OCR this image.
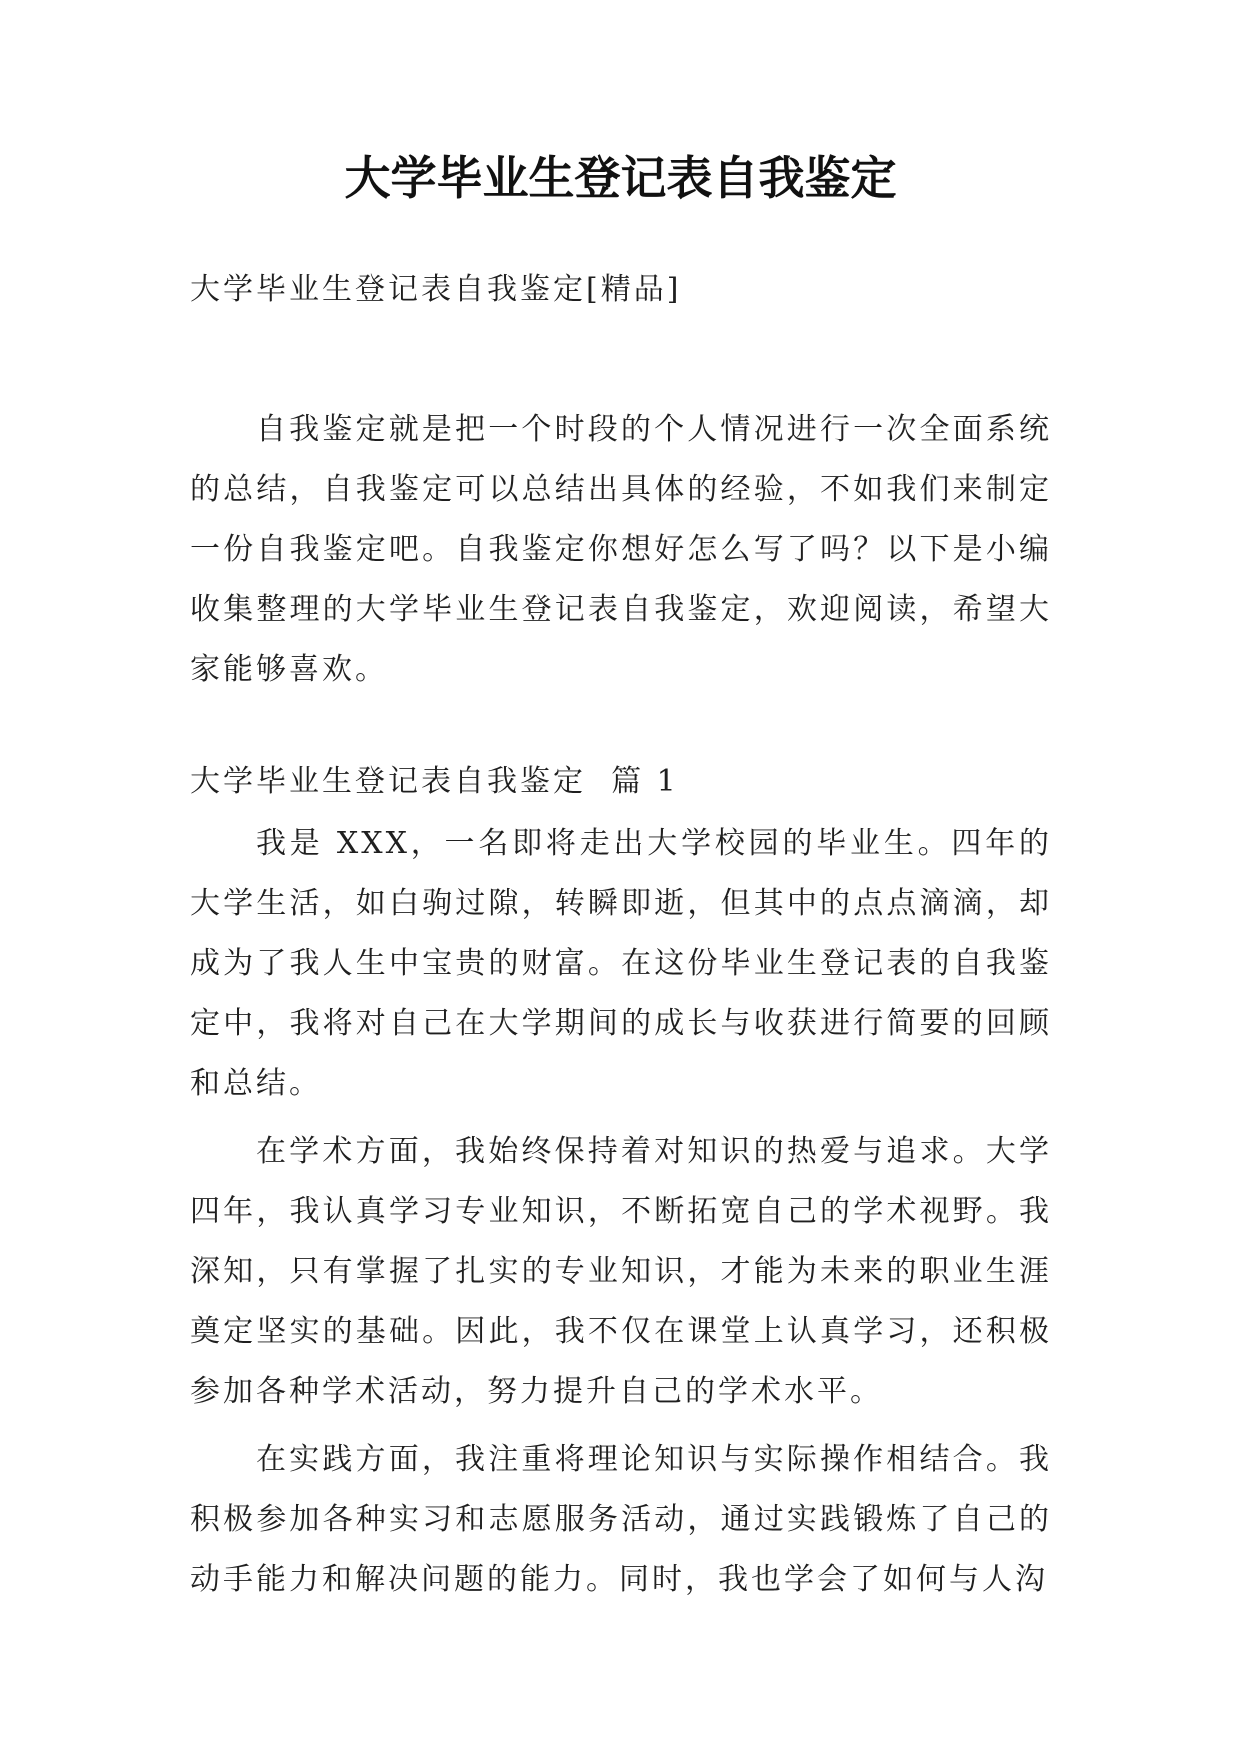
大学毕业生登记表自我鉴定
大学毕业生登记表自我鉴定[精品]
自我鉴定就是把一个时段的个人情况进行一次全面系统的总结，自我鉴定可以总结出具体的经验，不如我们来制定一份自我鉴定吧。自我鉴定你想好怎么写了吗？以下是小编收集整理的大学毕业生登记表自我鉴定，欢迎阅读，希望大家能够喜欢。
大学毕业生登记表自我鉴定  篇 1

我是 XXX，一名即将走出大学校园的毕业生。四年的大学生活，如白驹过隙，转瞬即逝，但其中的点点滴滴，却成为了我人生中宝贵的财富。在这份毕业生登记表的自我鉴定中，我将对自己在大学期间的成长与收获进行简要的回顾和总结。

在学术方面，我始终保持着对知识的热爱与追求。大学四年，我认真学习专业知识，不断拓宽自己的学术视野。我深知，只有掌握了扎实的专业知识，才能为未来的职业生涯奠定坚实的基础。因此，我不仅在课堂上认真学习，还积极参加各种学术活动，努力提升自己的学术水平。

在实践方面，我注重将理论知识与实际操作相结合。我积极参加各种实习和志愿服务活动，通过实践锻炼了自己的动手能力和解决问题的能力。同时，我也学会了如何与人沟
